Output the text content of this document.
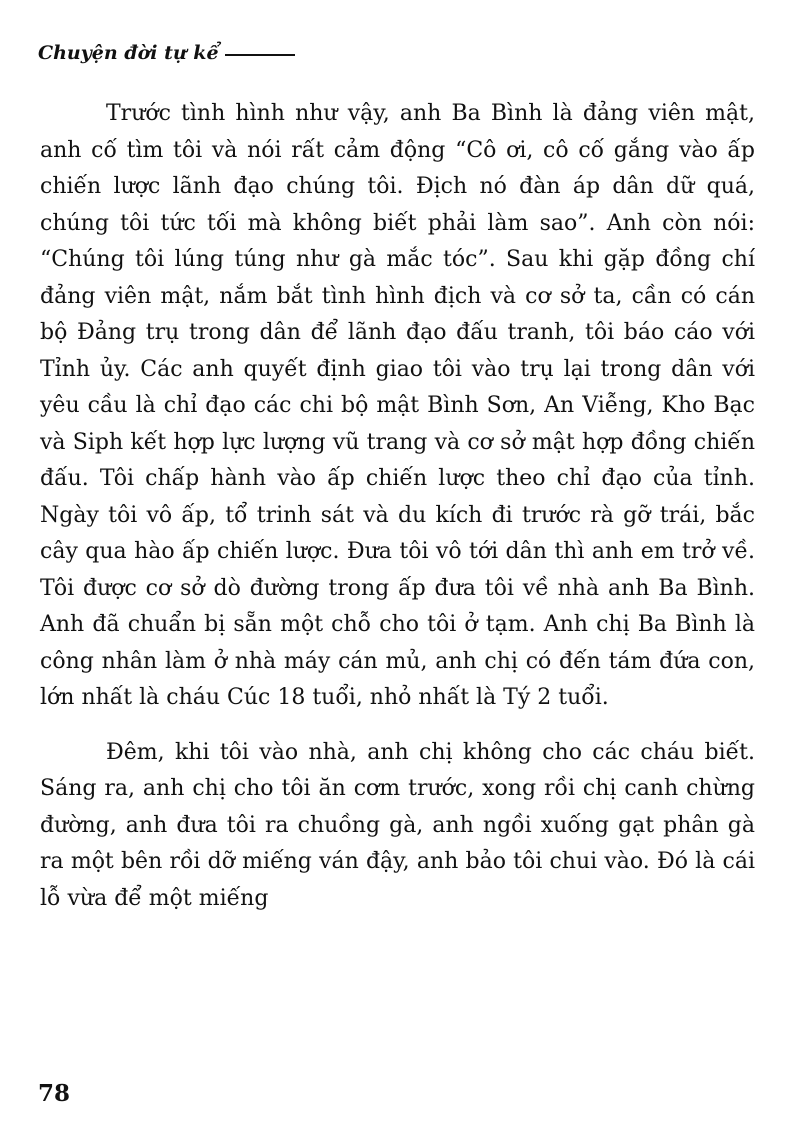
Chuyện đời tự kể

Trước tình hình như vậy, anh Ba Bình là đảng viên mật, anh cố tìm tôi và nói rất cảm động “Cô ơi, cô cố gắng vào ấp chiến lược lãnh đạo chúng tôi. Địch nó đàn áp dân dữ quá, chúng tôi tức tối mà không biết phải làm sao”. Anh còn nói: “Chúng tôi lúng túng như gà mắc tóc”. Sau khi gặp đồng chí đảng viên mật, nắm bắt tình hình địch và cơ sở ta, cần có cán bộ Đảng trụ trong dân để lãnh đạo đấu tranh, tôi báo cáo với Tỉnh ủy. Các anh quyết định giao tôi vào trụ lại trong dân với yêu cầu là chỉ đạo các chi bộ mật Bình Sơn, An Viễng, Kho Bạc và Siph kết hợp lực lượng vũ trang và cơ sở mật hợp đồng chiến đấu. Tôi chấp hành vào ấp chiến lược theo chỉ đạo của tỉnh. Ngày tôi vô ấp, tổ trinh sát và du kích đi trước rà gỡ trái, bắc cây qua hào ấp chiến lược. Đưa tôi vô tới dân thì anh em trở về. Tôi được cơ sở dò đường trong ấp đưa tôi về nhà anh Ba Bình. Anh đã chuẩn bị sẵn một chỗ cho tôi ở tạm. Anh chị Ba Bình là công nhân làm ở nhà máy cán mủ, anh chị có đến tám đứa con, lớn nhất là cháu Cúc 18 tuổi, nhỏ nhất là Tý 2 tuổi.

Đêm, khi tôi vào nhà, anh chị không cho các cháu biết. Sáng ra, anh chị cho tôi ăn cơm trước, xong rồi chị canh chừng đường, anh đưa tôi ra chuồng gà, anh ngồi xuống gạt phân gà ra một bên rồi dỡ miếng ván đậy, anh bảo tôi chui vào. Đó là cái lỗ vừa để một miếng

78
